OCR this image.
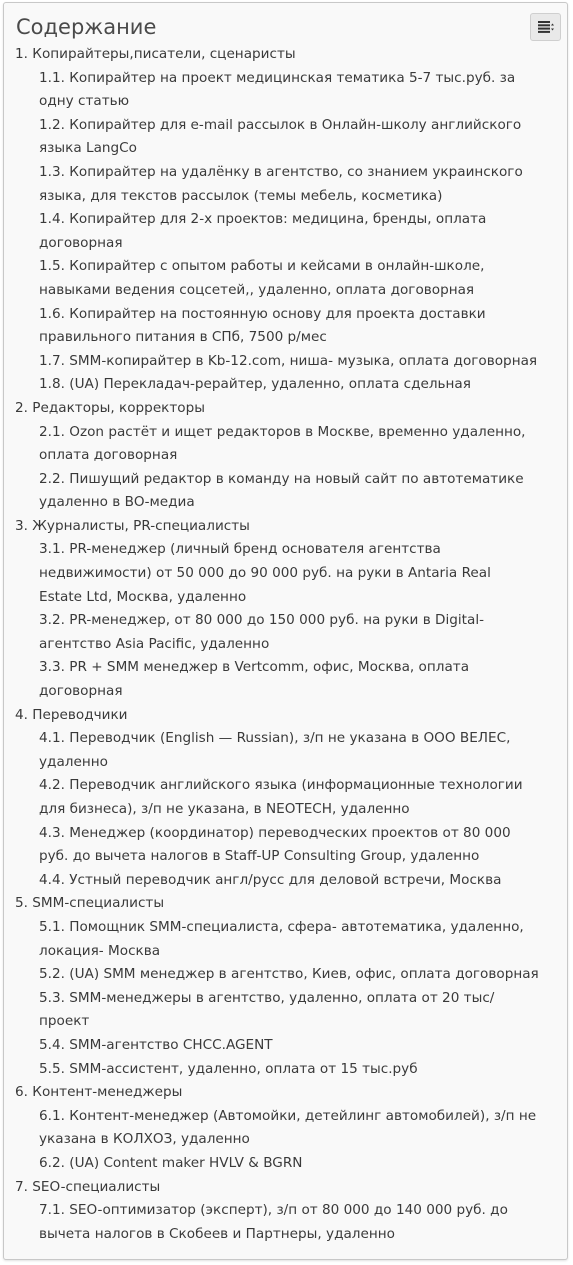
Содержание
1. Копирайтеры,писатели, сценаристы
1.1. Копирайтер на проект медицинская тематика 5-7 тыс.руб. за
одну статью
1.2. Копирайтер для e-mail рассылок в Онлайн-школу английского
языка LangCo
1.3. Копирайтер на удалёнку в агентство, со знанием украинского
языка, для текстов рассылок (темы мебель, косметика)
1.4. Копирайтер для 2-х проектов: медицина, бренды, оплата
договорная
1.5. Копирайтер с опытом работы и кейсами в онлайн-школе,
навыками ведения соцсетей,, удаленно, оплата договорная
1.6. Копирайтер на постоянную основу для проекта доставки
правильного питания в СПб, 7500 р/мес
1.7. SMM-копирайтер в Kb-12.com, ниша- музыка, оплата договорная
1.8. (UA) Перекладач-рерайтер, удаленно, оплата сдельная
2. Редакторы, корректоры
2.1. Ozon растёт и ищет редакторов в Москве, временно удаленно,
оплата договорная
2.2. Пишущий редактор в команду на новый сайт по автотематике
удаленно в ВО-медиа
3. Журналисты, PR-специалисты
3.1. PR-менеджер (личный бренд основателя агентства
недвижимости) от 50 000 до 90 000 руб. на руки в Antaria Real
Estate Ltd, Москва, удаленно
3.2. PR-менеджер, от 80 000 до 150 000 руб. на руки в Digital-
агентство Asia Pacific, удаленно
3.3. PR + SMM менеджер в Vertcomm, офис, Москва, оплата
договорная
4. Переводчики
4.1. Переводчик (English — Russian), з/п не указана в ООО ВЕЛЕС,
удаленно
4.2. Переводчик английского языка (информационные технологии
для бизнеса), з/п не указана, в NEOTECH, удаленно
4.3. Менеджер (координатор) переводческих проектов от 80 000
руб. до вычета налогов в Staff-UP Consulting Group, удаленно
4.4. Устный переводчик англ/русс для деловой встречи, Москва
5. SMM-специалисты
5.1. Помощник SMM-специалиста, сфера- автотематика, удаленно,
локация- Москва
5.2. (UA) SMM менеджер в агентство, Киев, офис, оплата договорная
5.3. SMM-менеджеры в агентство, удаленно, оплата от 20 тыс/
проект
5.4. SMM-агентство CHCC.AGENT
5.5. SMM-ассистент, удаленно, оплата от 15 тыс.руб
6. Контент-менеджеры
6.1. Контент-менеджер (Автомойки, детейлинг автомобилей), з/п не
указана в КОЛХОЗ, удаленно
6.2. (UA) Content maker HVLV & BGRN
7. SEO-специалисты
7.1. SEO-оптимизатор (эксперт), з/п от 80 000 до 140 000 руб. до
вычета налогов в Скобеев и Партнеры, удаленно
